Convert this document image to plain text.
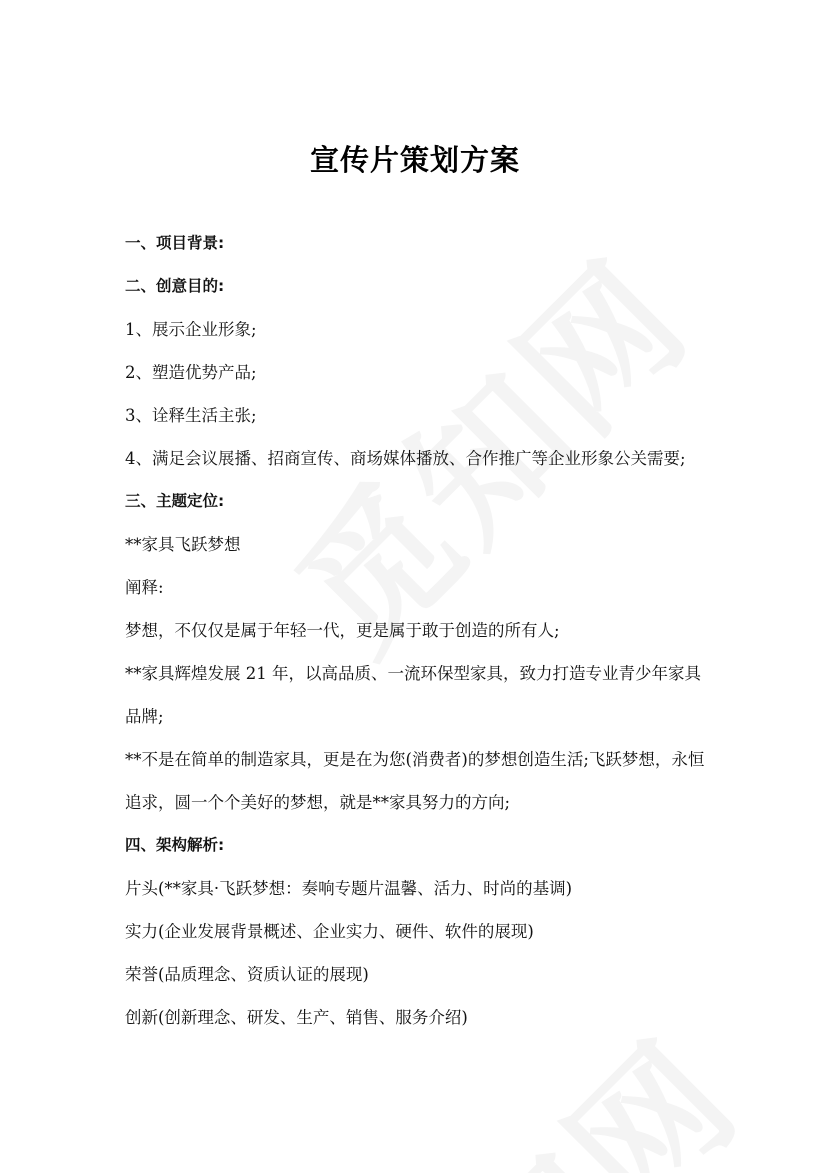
宣传片策划方案
一、项目背景:
二、创意目的:
1、展示企业形象;
2、塑造优势产品;
3、诠释生活主张;
4、满足会议展播、招商宣传、商场媒体播放、合作推广等企业形象公关需要;
三、主题定位:
**家具飞跃梦想
阐释:
梦想，不仅仅是属于年轻一代，更是属于敢于创造的所有人;
**家具辉煌发展 21 年，以高品质、一流环保型家具，致力打造专业青少年家具
品牌;
**不是在简单的制造家具，更是在为您(消费者)的梦想创造生活;飞跃梦想，永恒
追求，圆一个个美好的梦想，就是**家具努力的方向;
四、架构解析:
片头(**家具·飞跃梦想：奏响专题片温馨、活力、时尚的基调)
实力(企业发展背景概述、企业实力、硬件、软件的展现)
荣誉(品质理念、资质认证的展现)
创新(创新理念、研发、生产、销售、服务介绍)
